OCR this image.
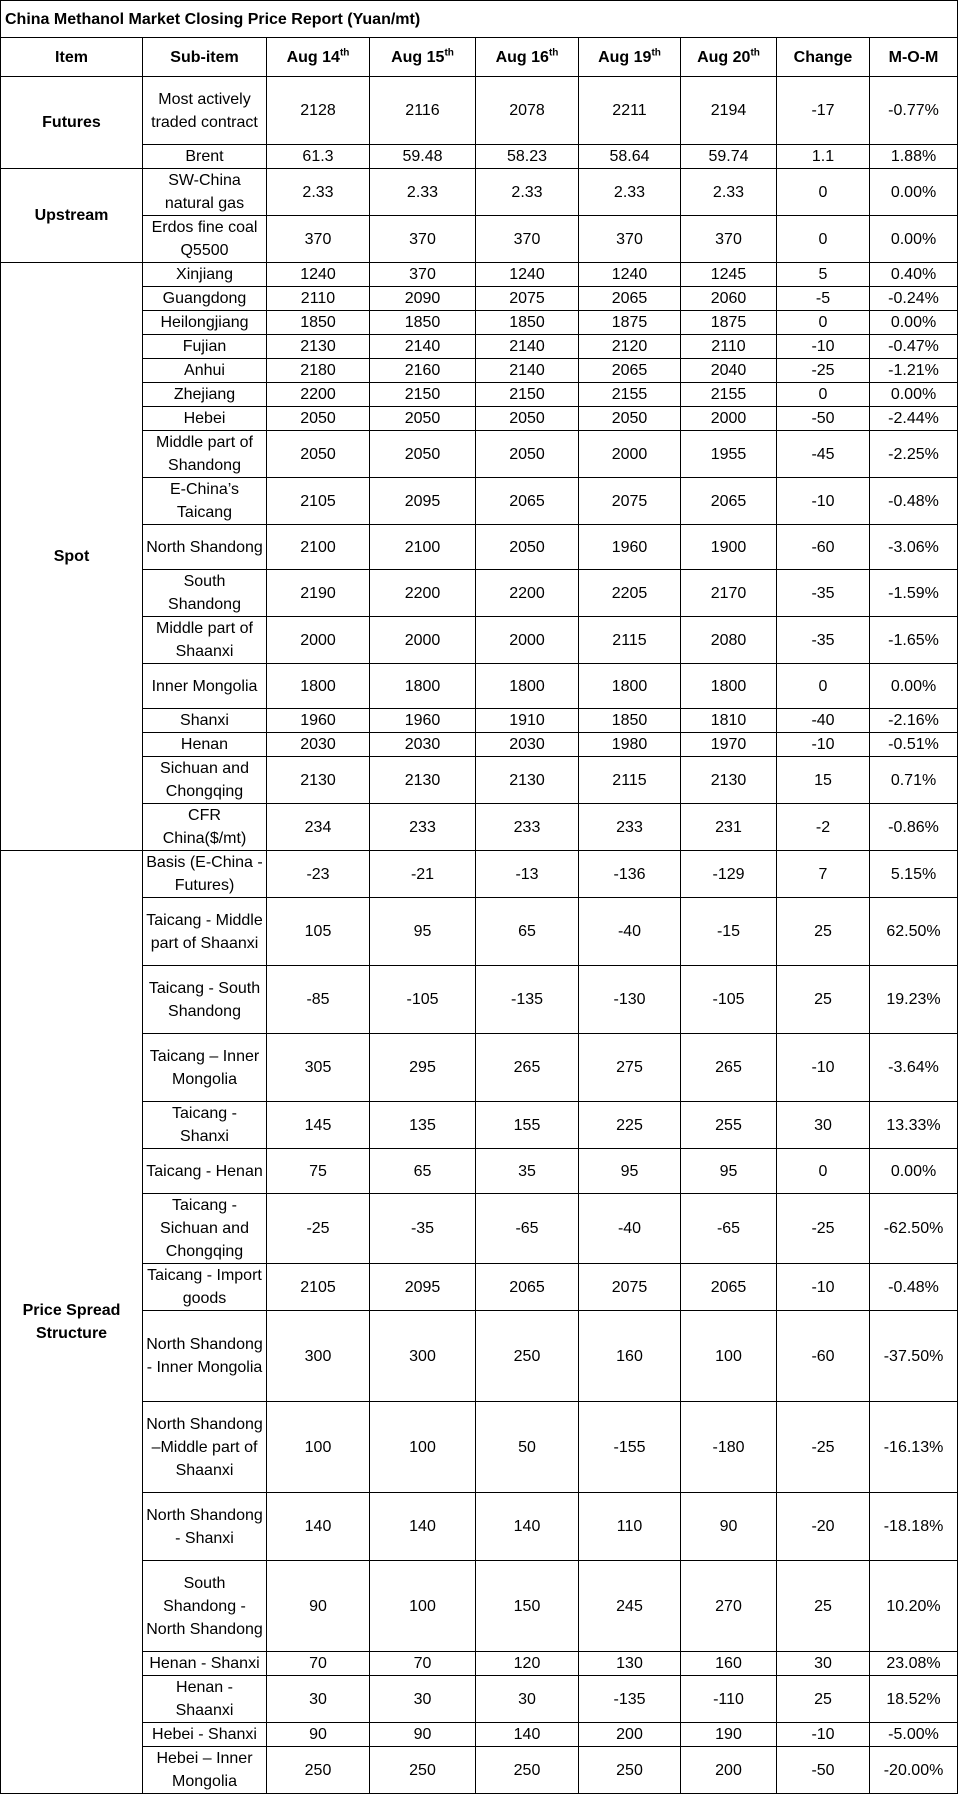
China Methanol Market Closing Price Report (Yuan/mt)								
Item	Sub-item	Aug 14th	Aug 15th	Aug 16th	Aug 19th	Aug 20th	Change	M-O-M
Futures	Most actively traded contract	2128	2116	2078	2211	2194	-17	-0.77%
	Brent	61.3	59.48	58.23	58.64	59.74	1.1	1.88%
Upstream	SW-China natural gas	2.33	2.33	2.33	2.33	2.33	0	0.00%
	Erdos fine coal Q5500	370	370	370	370	370	0	0.00%
Spot	Xinjiang	1240	370	1240	1240	1245	5	0.40%
	Guangdong	2110	2090	2075	2065	2060	-5	-0.24%
	Heilongjiang	1850	1850	1850	1875	1875	0	0.00%
	Fujian	2130	2140	2140	2120	2110	-10	-0.47%
	Anhui	2180	2160	2140	2065	2040	-25	-1.21%
	Zhejiang	2200	2150	2150	2155	2155	0	0.00%
	Hebei	2050	2050	2050	2050	2000	-50	-2.44%
	Middle part of Shandong	2050	2050	2050	2000	1955	-45	-2.25%
	E-China’s Taicang	2105	2095	2065	2075	2065	-10	-0.48%
	North Shandong	2100	2100	2050	1960	1900	-60	-3.06%
	South Shandong	2190	2200	2200	2205	2170	-35	-1.59%
	Middle part of Shaanxi	2000	2000	2000	2115	2080	-35	-1.65%
	Inner Mongolia	1800	1800	1800	1800	1800	0	0.00%
	Shanxi	1960	1960	1910	1850	1810	-40	-2.16%
	Henan	2030	2030	2030	1980	1970	-10	-0.51%
	Sichuan and Chongqing	2130	2130	2130	2115	2130	15	0.71%
	CFR China($/mt)	234	233	233	233	231	-2	-0.86%
Price Spread Structure	Basis (E-China - Futures)	-23	-21	-13	-136	-129	7	5.15%
	Taicang - Middle part of Shaanxi	105	95	65	-40	-15	25	62.50%
	Taicang - South Shandong	-85	-105	-135	-130	-105	25	19.23%
	Taicang – Inner Mongolia	305	295	265	275	265	-10	-3.64%
	Taicang - Shanxi	145	135	155	225	255	30	13.33%
	Taicang - Henan	75	65	35	95	95	0	0.00%
	Taicang - Sichuan and Chongqing	-25	-35	-65	-40	-65	-25	-62.50%
	Taicang - Import goods	2105	2095	2065	2075	2065	-10	-0.48%
	North Shandong - Inner Mongolia	300	300	250	160	100	-60	-37.50%
	North Shandong –Middle part of Shaanxi	100	100	50	-155	-180	-25	-16.13%
	North Shandong - Shanxi	140	140	140	110	90	-20	-18.18%
	South Shandong - North Shandong	90	100	150	245	270	25	10.20%
	Henan - Shanxi	70	70	120	130	160	30	23.08%
	Henan - Shaanxi	30	30	30	-135	-110	25	18.52%
	Hebei - Shanxi	90	90	140	200	190	-10	-5.00%
	Hebei – Inner Mongolia	250	250	250	250	200	-50	-20.00%
